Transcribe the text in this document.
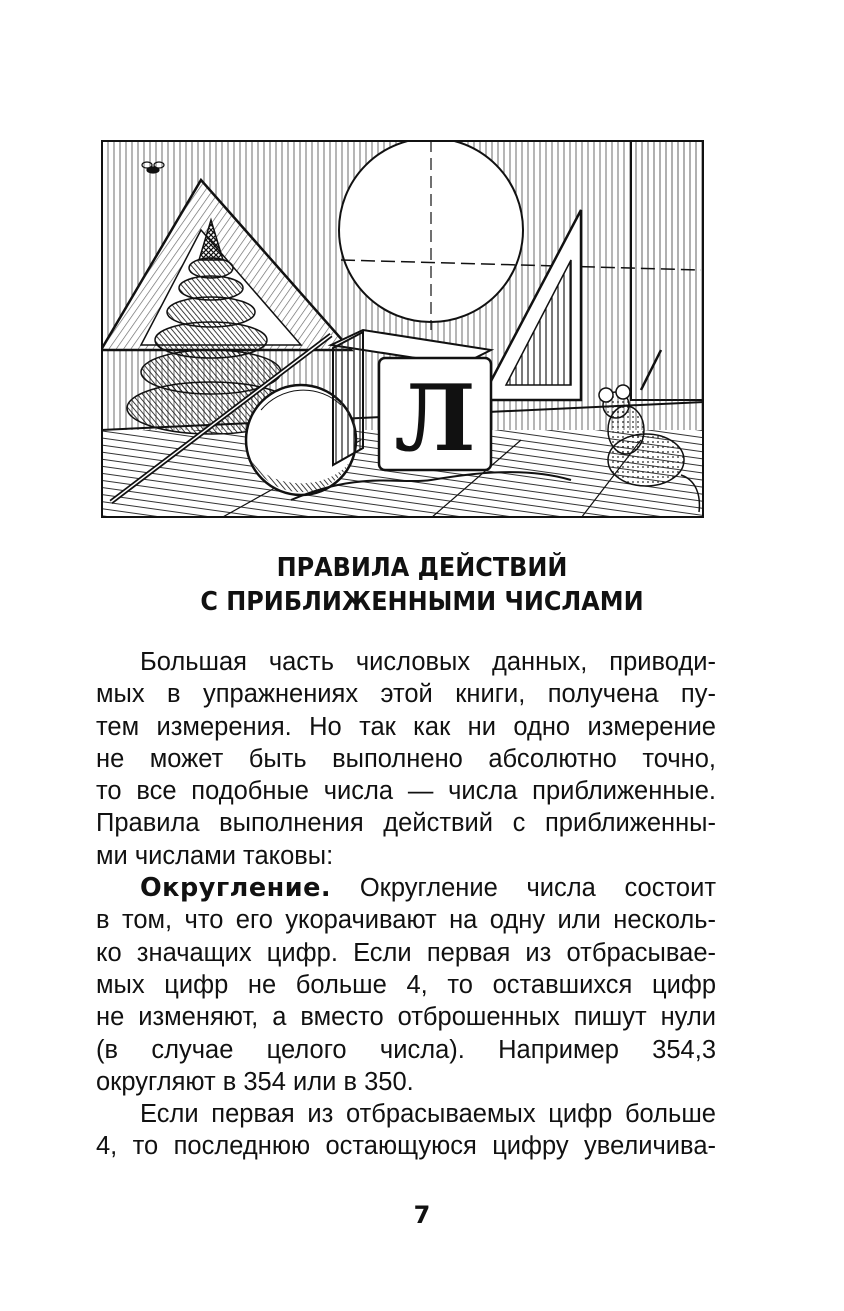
Л
ПРАВИЛА ДЕЙСТВИЙ
С ПРИБЛИЖЕННЫМИ ЧИСЛАМИ
Большая часть числовых данных, приводи-
мых в упражнениях этой книги, получена пу-
тем измерения. Но так как ни одно измерение
не может быть выполнено абсолютно точно,
то все подобные числа — числа приближенные.
Правила выполнения действий с приближенны-
ми числами таковы:
Округление. Округление числа состоит
в том, что его укорачивают на одну или несколь-
ко значащих цифр. Если первая из отбрасывае-
мых цифр не больше 4, то оставшихся цифр
не изменяют, а вместо отброшенных пишут нули
(в случае целого числа). Например 354,3
округляют в 354 или в 350.
Если первая из отбрасываемых цифр больше
4, то последнюю остающуюся цифру увеличива-
7
